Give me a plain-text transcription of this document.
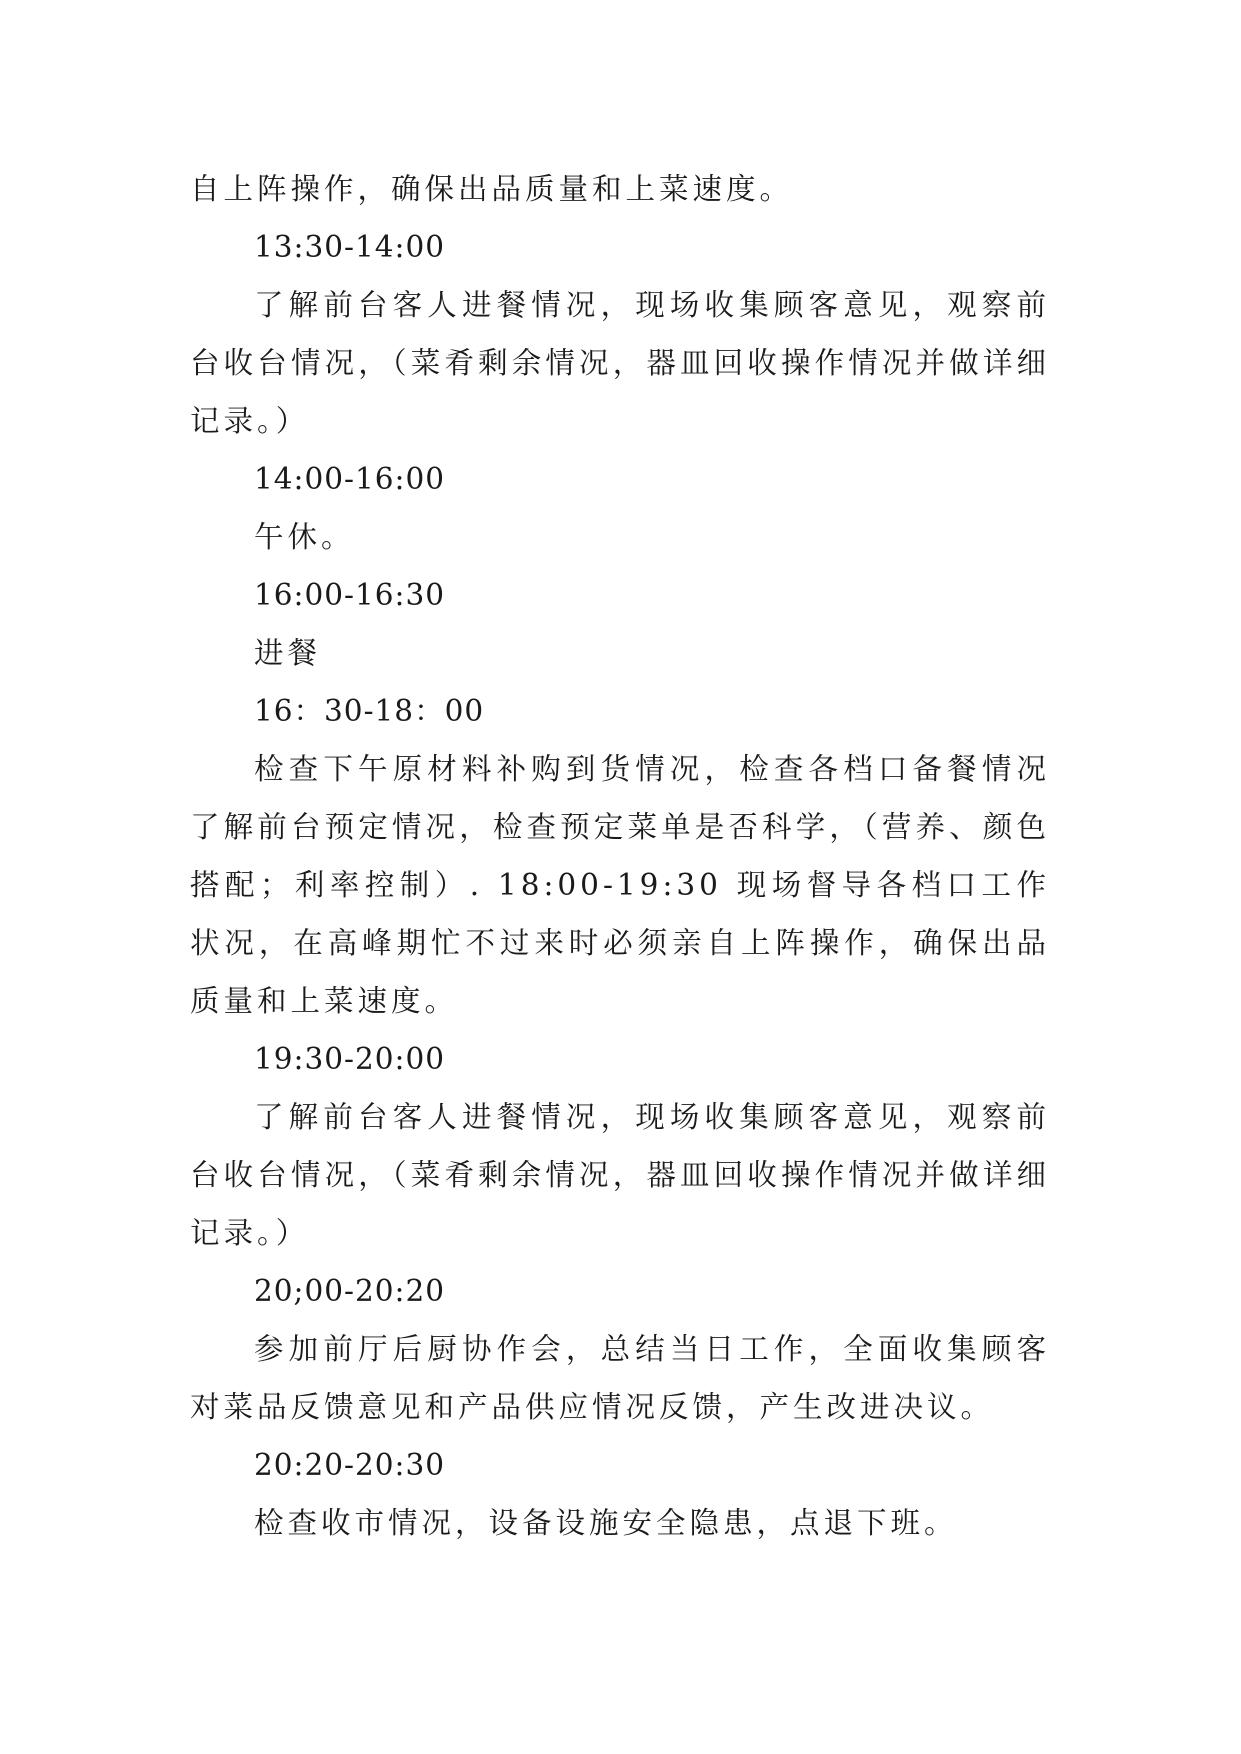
自上阵操作，确保出品质量和上菜速度。

13:30-14:00

了解前台客人进餐情况，现场收集顾客意见，观察前台收台情况，（菜肴剩余情况，器皿回收操作情况并做详细记录。）

14:00-16:00

午休。

16:00-16:30

进餐

16：30-18：00

检查下午原材料补购到货情况，检查各档口备餐情况了解前台预定情况，检查预定菜单是否科学，（营养、颜色搭配；利率控制）. 18:00-19:30 现场督导各档口工作状况，在高峰期忙不过来时必须亲自上阵操作，确保出品质量和上菜速度。

19:30-20:00

了解前台客人进餐情况，现场收集顾客意见，观察前台收台情况，（菜肴剩余情况，器皿回收操作情况并做详细记录。）

20;00-20:20

参加前厅后厨协作会，总结当日工作，全面收集顾客对菜品反馈意见和产品供应情况反馈，产生改进决议。

20:20-20:30

检查收市情况，设备设施安全隐患，点退下班。
